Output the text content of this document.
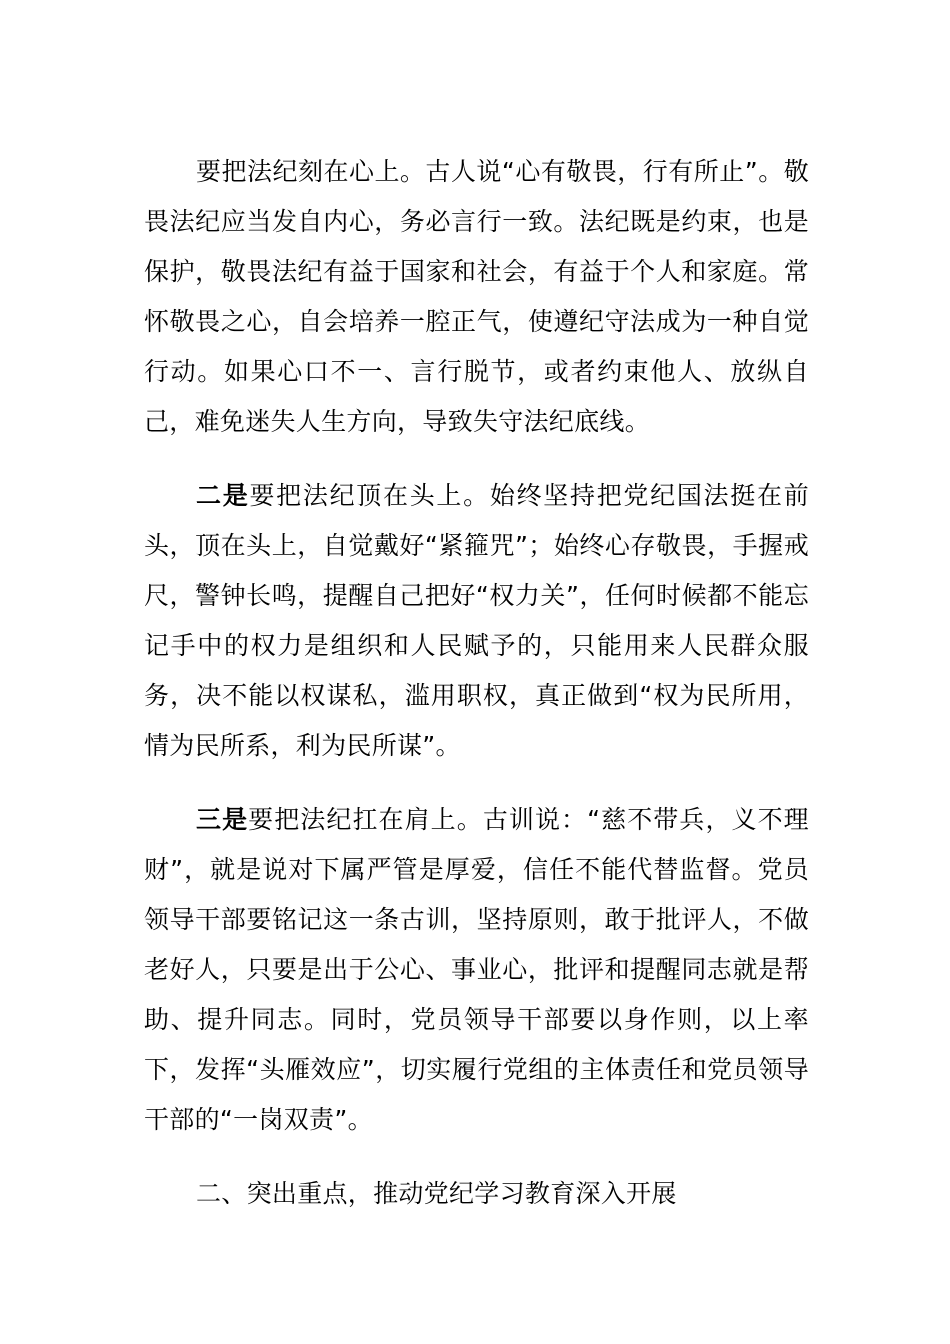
要把法纪刻在心上。古人说“心有敬畏，行有所止”。敬畏法纪应当发自内心，务必言行一致。法纪既是约束，也是保护，敬畏法纪有益于国家和社会，有益于个人和家庭。常怀敬畏之心，自会培养一腔正气，使遵纪守法成为一种自觉行动。如果心口不一、言行脱节，或者约束他人、放纵自己，难免迷失人生方向，导致失守法纪底线。

二是要把法纪顶在头上。始终坚持把党纪国法挺在前头，顶在头上，自觉戴好“紧箍咒”；始终心存敬畏，手握戒尺，警钟长鸣，提醒自己把好“权力关”，任何时候都不能忘记手中的权力是组织和人民赋予的，只能用来人民群众服务，决不能以权谋私，滥用职权，真正做到“权为民所用，情为民所系，利为民所谋”。

三是要把法纪扛在肩上。古训说：“慈不带兵，义不理财”，就是说对下属严管是厚爱，信任不能代替监督。党员领导干部要铭记这一条古训，坚持原则，敢于批评人，不做老好人，只要是出于公心、事业心，批评和提醒同志就是帮助、提升同志。同时，党员领导干部要以身作则，以上率下，发挥“头雁效应”，切实履行党组的主体责任和党员领导干部的“一岗双责”。

二、突出重点，推动党纪学习教育深入开展
